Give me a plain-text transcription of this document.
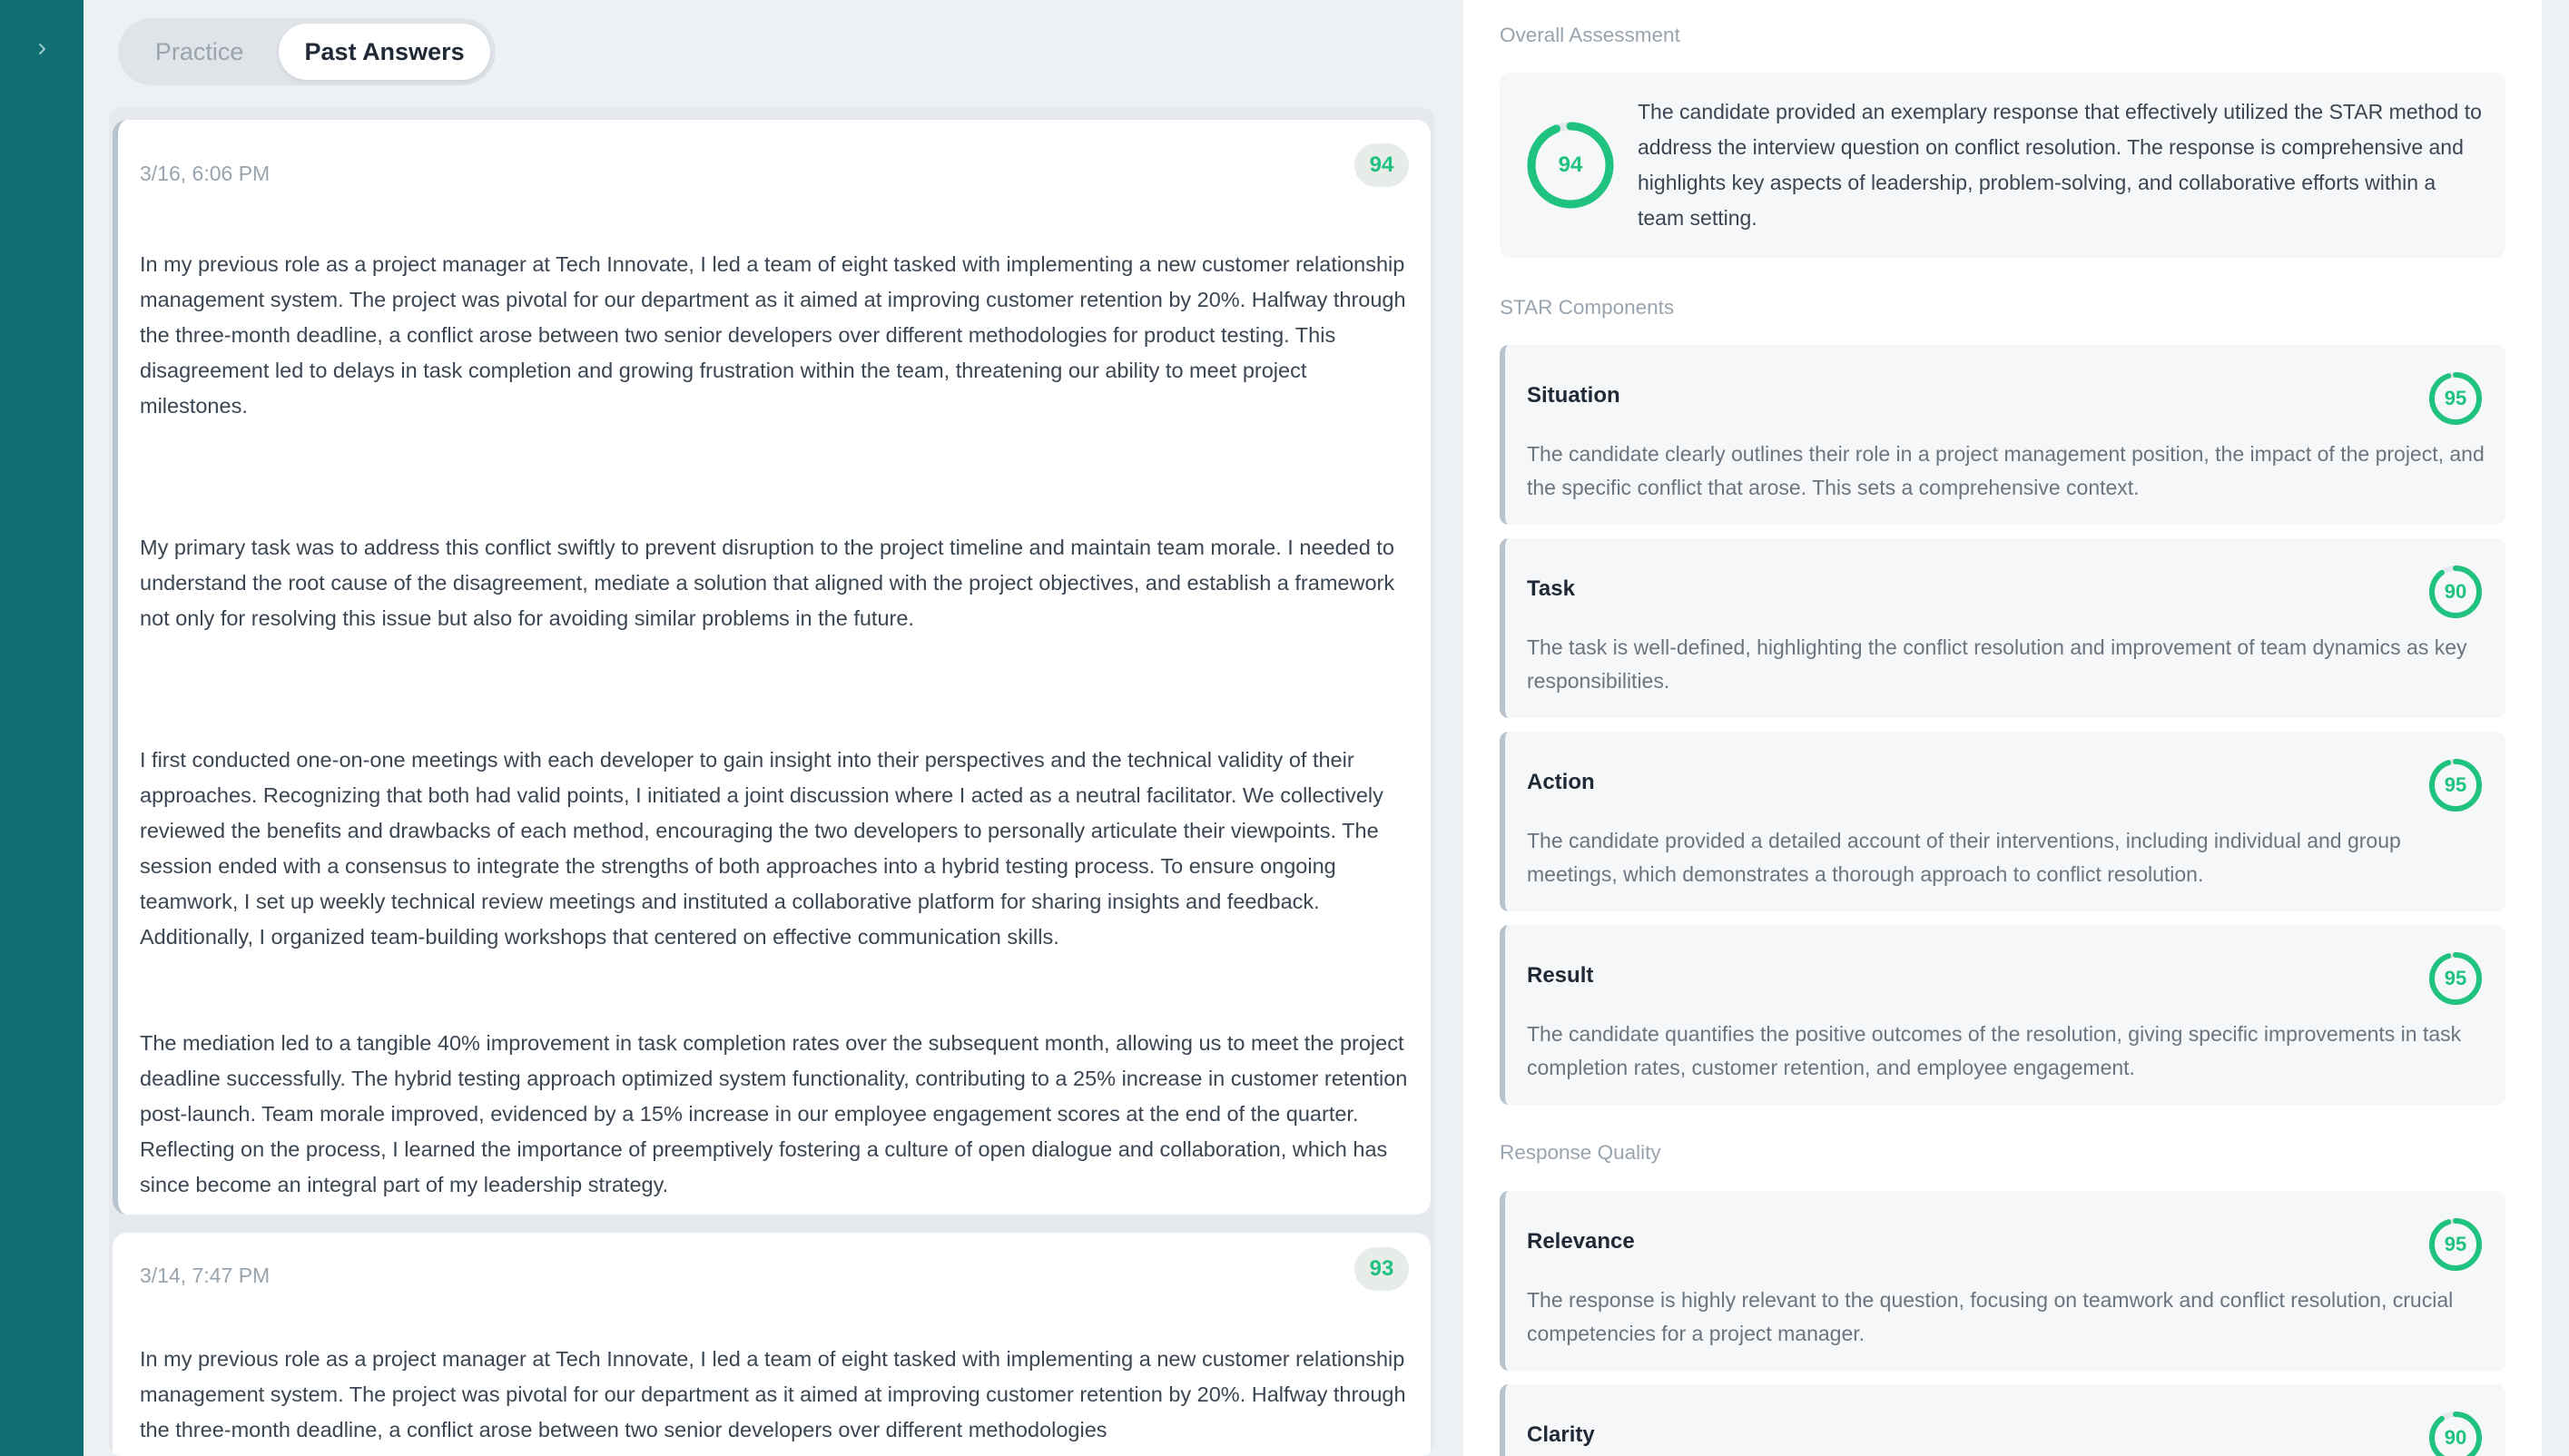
Practice	Past Answers
3/16, 6:06 PM	94

In my previous role as a project manager at Tech Innovate, I led a team of eight tasked with implementing a new customer relationship management system. The project was pivotal for our department as it aimed at improving customer retention by 20%. Halfway through the three-month deadline, a conflict arose between two senior developers over different methodologies for product testing. This disagreement led to delays in task completion and growing frustration within the team, threatening our ability to meet project milestones.

My primary task was to address this conflict swiftly to prevent disruption to the project timeline and maintain team morale. I needed to understand the root cause of the disagreement, mediate a solution that aligned with the project objectives, and establish a framework not only for resolving this issue but also for avoiding similar problems in the future.

I first conducted one-on-one meetings with each developer to gain insight into their perspectives and the technical validity of their approaches. Recognizing that both had valid points, I initiated a joint discussion where I acted as a neutral facilitator. We collectively reviewed the benefits and drawbacks of each method, encouraging the two developers to personally articulate their viewpoints. The session ended with a consensus to integrate the strengths of both approaches into a hybrid testing process. To ensure ongoing teamwork, I set up weekly technical review meetings and instituted a collaborative platform for sharing insights and feedback. Additionally, I organized team-building workshops that centered on effective communication skills.

The mediation led to a tangible 40% improvement in task completion rates over the subsequent month, allowing us to meet the project deadline successfully. The hybrid testing approach optimized system functionality, contributing to a 25% increase in customer retention post-launch. Team morale improved, evidenced by a 15% increase in our employee engagement scores at the end of the quarter. Reflecting on the process, I learned the importance of preemptively fostering a culture of open dialogue and collaboration, which has since become an integral part of my leadership strategy.

3/14, 7:47 PM	93

In my previous role as a project manager at Tech Innovate, I led a team of eight tasked with implementing a new customer relationship management system. The project was pivotal for our department as it aimed at improving customer retention by 20%. Halfway through the three-month deadline, a conflict arose between two senior developers over different methodologies

Overall Assessment
94
The candidate provided an exemplary response that effectively utilized the STAR method to address the interview question on conflict resolution. The response is comprehensive and highlights key aspects of leadership, problem-solving, and collaborative efforts within a team setting.
STAR Components
Situation	95
The candidate clearly outlines their role in a project management position, the impact of the project, and the specific conflict that arose. This sets a comprehensive context.
Task	90
The task is well-defined, highlighting the conflict resolution and improvement of team dynamics as key responsibilities.
Action	95
The candidate provided a detailed account of their interventions, including individual and group meetings, which demonstrates a thorough approach to conflict resolution.
Result	95
The candidate quantifies the positive outcomes of the resolution, giving specific improvements in task completion rates, customer retention, and employee engagement.
Response Quality
Relevance	95
The response is highly relevant to the question, focusing on teamwork and conflict resolution, crucial competencies for a project manager.
Clarity	90
